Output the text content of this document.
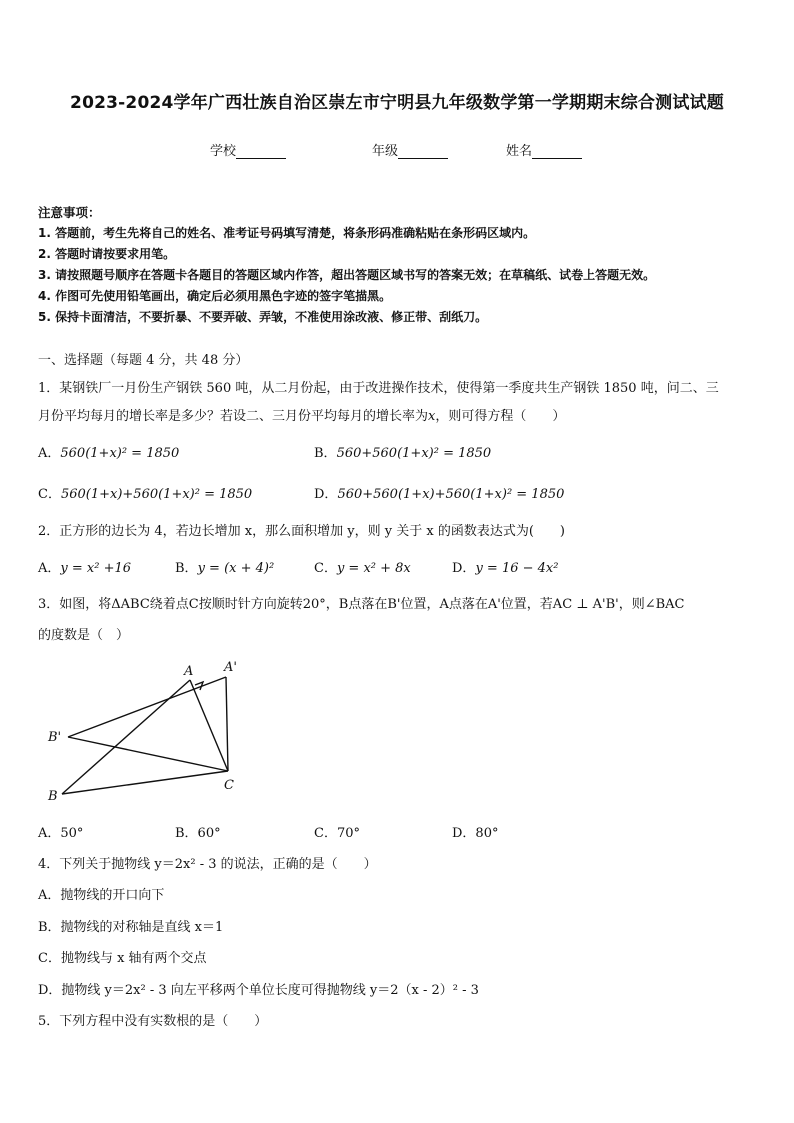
2023-2024学年广西壮族自治区崇左市宁明县九年级数学第一学期期末综合测试试题
学校	年级	姓名
注意事项：
1. 答题前，考生先将自己的姓名、准考证号码填写清楚，将条形码准确粘贴在条形码区域内。
2. 答题时请按要求用笔。
3. 请按照题号顺序在答题卡各题目的答题区域内作答，超出答题区域书写的答案无效；在草稿纸、试卷上答题无效。
4. 作图可先使用铅笔画出，确定后必须用黑色字迹的签字笔描黑。
5. 保持卡面清洁，不要折暴、不要弄破、弄皱，不准使用涂改液、修正带、刮纸刀。
一、选择题（每题 4 分，共 48 分）
1．某钢铁厂一月份生产钢铁 560 吨，从二月份起，由于改进操作技术，使得第一季度共生产钢铁 1850 吨，问二、三
月份平均每月的增长率是多少？若设二、三月份平均每月的增长率为x，则可得方程（　　）
A．560(1+x)² = 1850	B．560+560(1+x)² = 1850
C．560(1+x)+560(1+x)² = 1850	D．560+560(1+x)+560(1+x)² = 1850
2．正方形的边长为 4，若边长增加 x，那么面积增加 y，则 y 关于 x 的函数表达式为(　　)
A．y = x² +16	B．y = (x + 4)²	C．y = x² + 8x	D．y = 16 − 4x²
3．如图，将ΔABC绕着点C按顺时针方向旋转20°，B点落在B'位置，A点落在A'位置，若AC ⊥ A'B'，则∠BAC
的度数是（　）
A A'
B'
B
C
A．50°	B．60°	C．70°	D．80°
4．下列关于抛物线 y＝2x² - 3 的说法，正确的是（　　）
A．抛物线的开口向下
B．抛物线的对称轴是直线 x＝1
C．抛物线与 x 轴有两个交点
D．抛物线 y＝2x² - 3 向左平移两个单位长度可得抛物线 y＝2（x - 2）² - 3
5．下列方程中没有实数根的是（　　）
